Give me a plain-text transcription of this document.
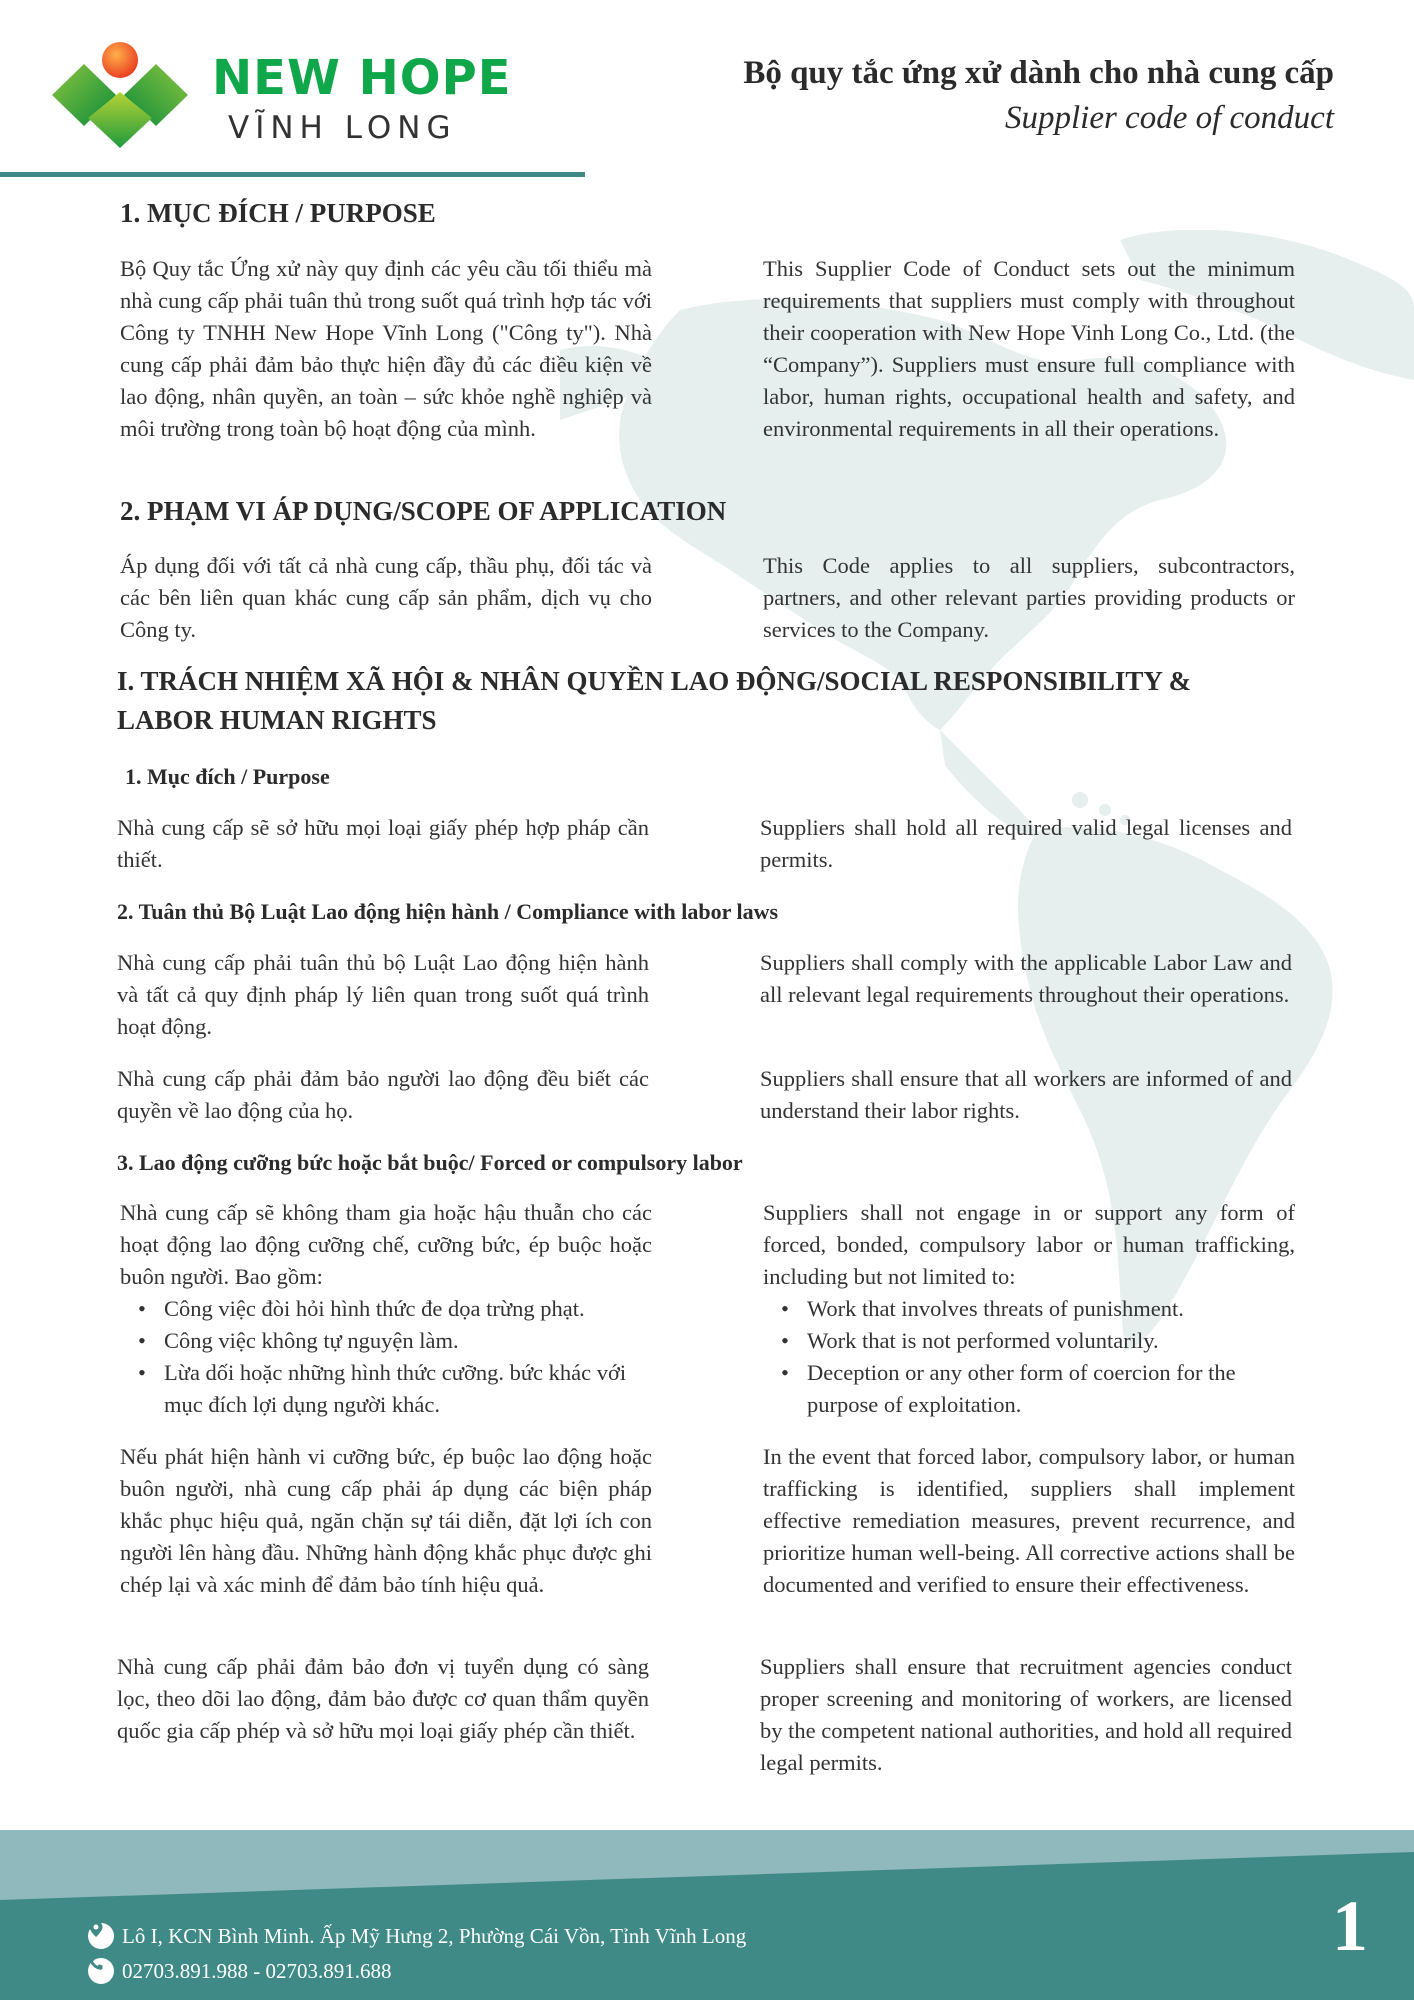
NEW HOPE
VĨNH LONG
Bộ quy tắc ứng xử dành cho nhà cung cấp
Supplier code of conduct
1. MỤC ĐÍCH / PURPOSE
Bộ Quy tắc Ứng xử này quy định các yêu cầu tối thiểu mà nhà cung cấp phải tuân thủ trong suốt quá trình hợp tác với Công ty TNHH New Hope Vĩnh Long ("Công ty"). Nhà cung cấp phải đảm bảo thực hiện đầy đủ các điều kiện về lao động, nhân quyền, an toàn – sức khỏe nghề nghiệp và môi trường trong toàn bộ hoạt động của mình.
This Supplier Code of Conduct sets out the minimum requirements that suppliers must comply with throughout their cooperation with New Hope Vinh Long Co., Ltd. (the “Company”). Suppliers must ensure full compliance with labor, human rights, occupational health and safety, and environmental requirements in all their operations.
2. PHẠM VI ÁP DỤNG/SCOPE OF APPLICATION
Áp dụng đối với tất cả nhà cung cấp, thầu phụ, đối tác và các bên liên quan khác cung cấp sản phẩm, dịch vụ cho Công ty.
This Code applies to all suppliers, subcontractors, partners, and other relevant parties providing products or services to the Company.
I. TRÁCH NHIỆM XÃ HỘI & NHÂN QUYỀN LAO ĐỘNG/SOCIAL RESPONSIBILITY &
LABOR HUMAN RIGHTS
1. Mục đích / Purpose
Nhà cung cấp sẽ sở hữu mọi loại giấy phép hợp pháp cần thiết.
Suppliers shall hold all required valid legal licenses and permits.
2. Tuân thủ Bộ Luật Lao động hiện hành / Compliance with labor laws
Nhà cung cấp phải tuân thủ bộ Luật Lao động hiện hành và tất cả quy định pháp lý liên quan trong suốt quá trình hoạt động.
Suppliers shall comply with the applicable Labor Law and all relevant legal requirements throughout their operations.
Nhà cung cấp phải đảm bảo người lao động đều biết các quyền về lao động của họ.
Suppliers shall ensure that all workers are informed of and understand their labor rights.
3. Lao động cưỡng bức hoặc bắt buộc/ Forced or compulsory labor
Nhà cung cấp sẽ không tham gia hoặc hậu thuẫn cho các hoạt động lao động cưỡng chế, cưỡng bức, ép buộc hoặc buôn người. Bao gồm:
• Công việc đòi hỏi hình thức đe dọa trừng phạt.
• Công việc không tự nguyện làm.
• Lừa dối hoặc những hình thức cưỡng. bức khác với mục đích lợi dụng người khác.
Suppliers shall not engage in or support any form of forced, bonded, compulsory labor or human trafficking, including but not limited to:
• Work that involves threats of punishment.
• Work that is not performed voluntarily.
• Deception or any other form of coercion for the purpose of exploitation.
Nếu phát hiện hành vi cưỡng bức, ép buộc lao động hoặc buôn người, nhà cung cấp phải áp dụng các biện pháp khắc phục hiệu quả, ngăn chặn sự tái diễn, đặt lợi ích con người lên hàng đầu. Những hành động khắc phục được ghi chép lại và xác minh để đảm bảo tính hiệu quả.
In the event that forced labor, compulsory labor, or human trafficking is identified, suppliers shall implement effective remediation measures, prevent recurrence, and prioritize human well-being. All corrective actions shall be documented and verified to ensure their effectiveness.
Nhà cung cấp phải đảm bảo đơn vị tuyển dụng có sàng lọc, theo dõi lao động, đảm bảo được cơ quan thẩm quyền quốc gia cấp phép và sở hữu mọi loại giấy phép cần thiết.
Suppliers shall ensure that recruitment agencies conduct proper screening and monitoring of workers, are licensed by the competent national authorities, and hold all required legal permits.
Lô I, KCN Bình Minh. Ấp Mỹ Hưng 2, Phường Cái Vồn, Tỉnh Vĩnh Long
02703.891.988 - 02703.891.688
1
